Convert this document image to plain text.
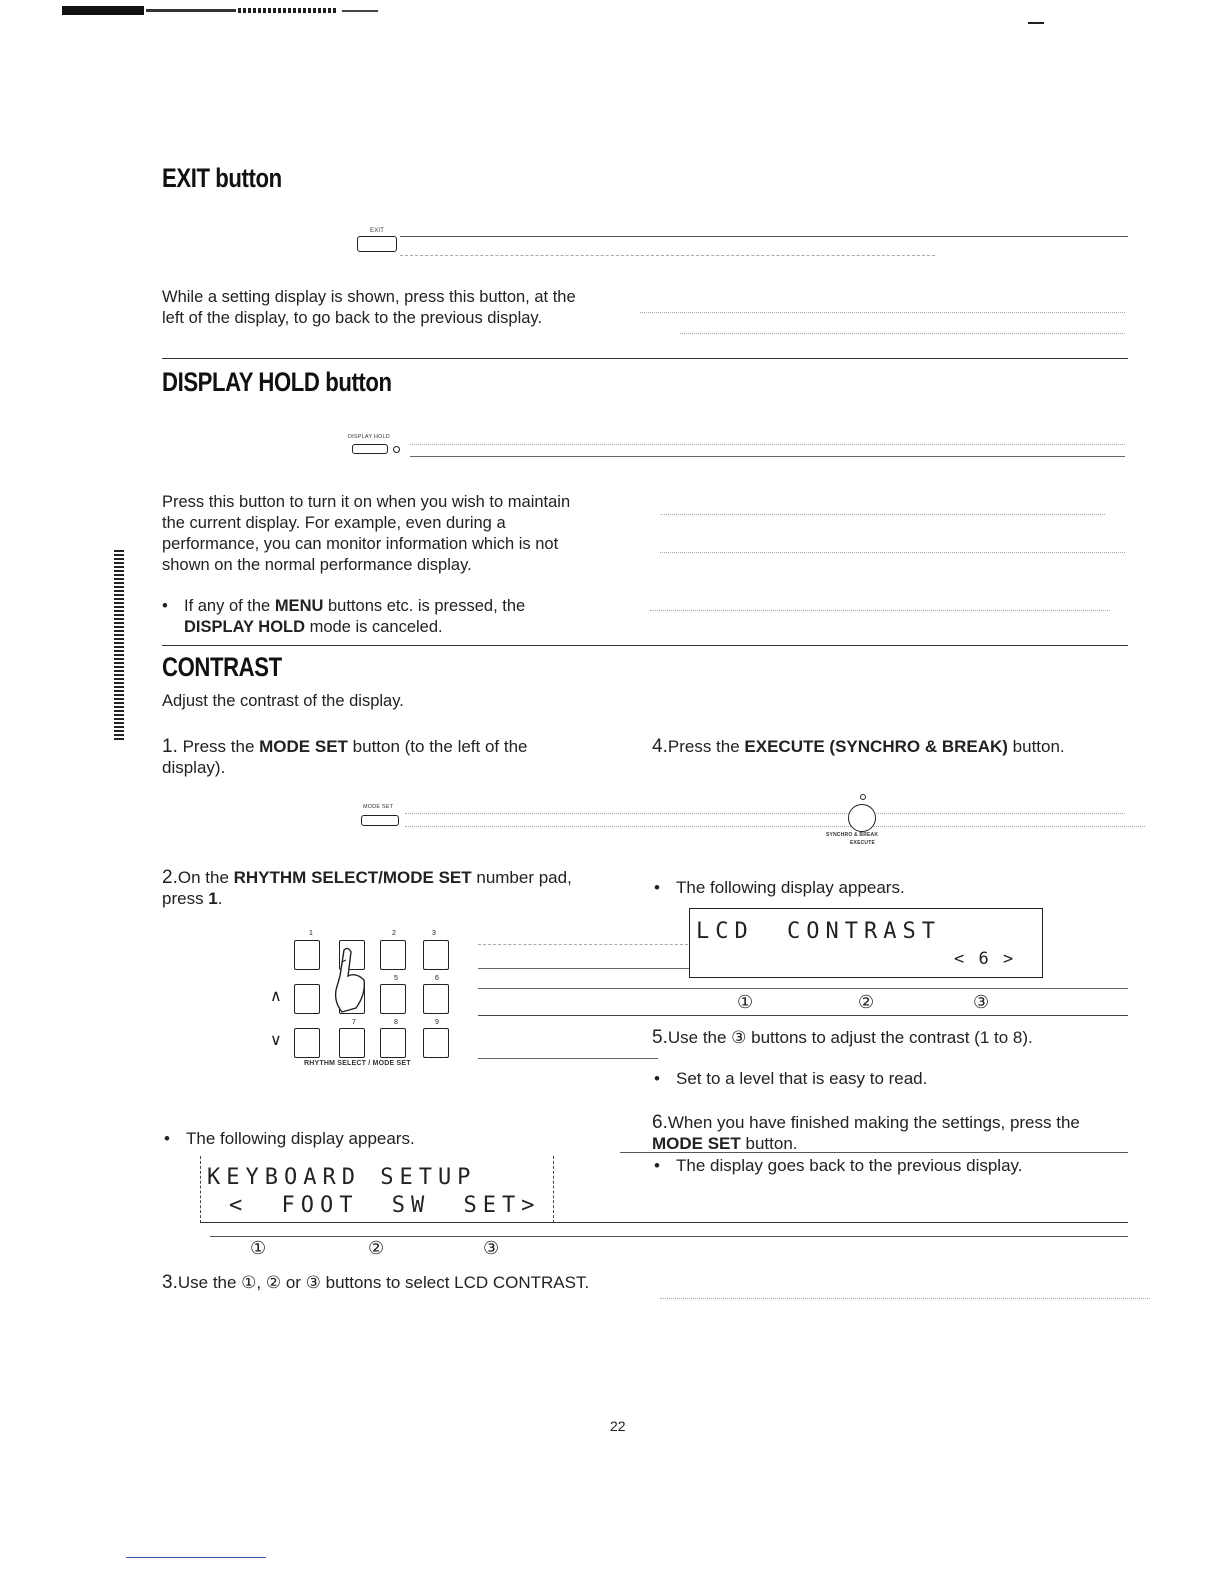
EXIT button
EXIT
While a setting display is shown, press this button, at the left of the display, to go back to the previous display.
DISPLAY HOLD button
DISPLAY HOLD
Press this button to turn it on when you wish to maintain the current display. For example, even during a performance, you can monitor information which is not shown on the normal performance display.
• If any of the MENU buttons etc. is pressed, the DISPLAY HOLD mode is canceled.
CONTRAST
Adjust the contrast of the display.
1. Press the MODE SET button (to the left of the display).
MODE SET
2.On the RHYTHM SELECT/MODE SET number pad, press 1.
1	2	3
5	6
∧
7	8	9
∨
RHYTHM SELECT / MODE SET
• The following display appears.
KEYBOARD SETUP
< FOOT SW SET>
①	②	③
3.Use the ①, ② or ③ buttons to select LCD CONTRAST.
4.Press the EXECUTE (SYNCHRO & BREAK) button.
SYNCHRO & BREAK
EXECUTE
• The following display appears.
LCD CONTRAST
< 6 >
①	②	③
5.Use the ③ buttons to adjust the contrast (1 to 8).
• Set to a level that is easy to read.
6.When you have finished making the settings, press the MODE SET button.
• The display goes back to the previous display.
22
